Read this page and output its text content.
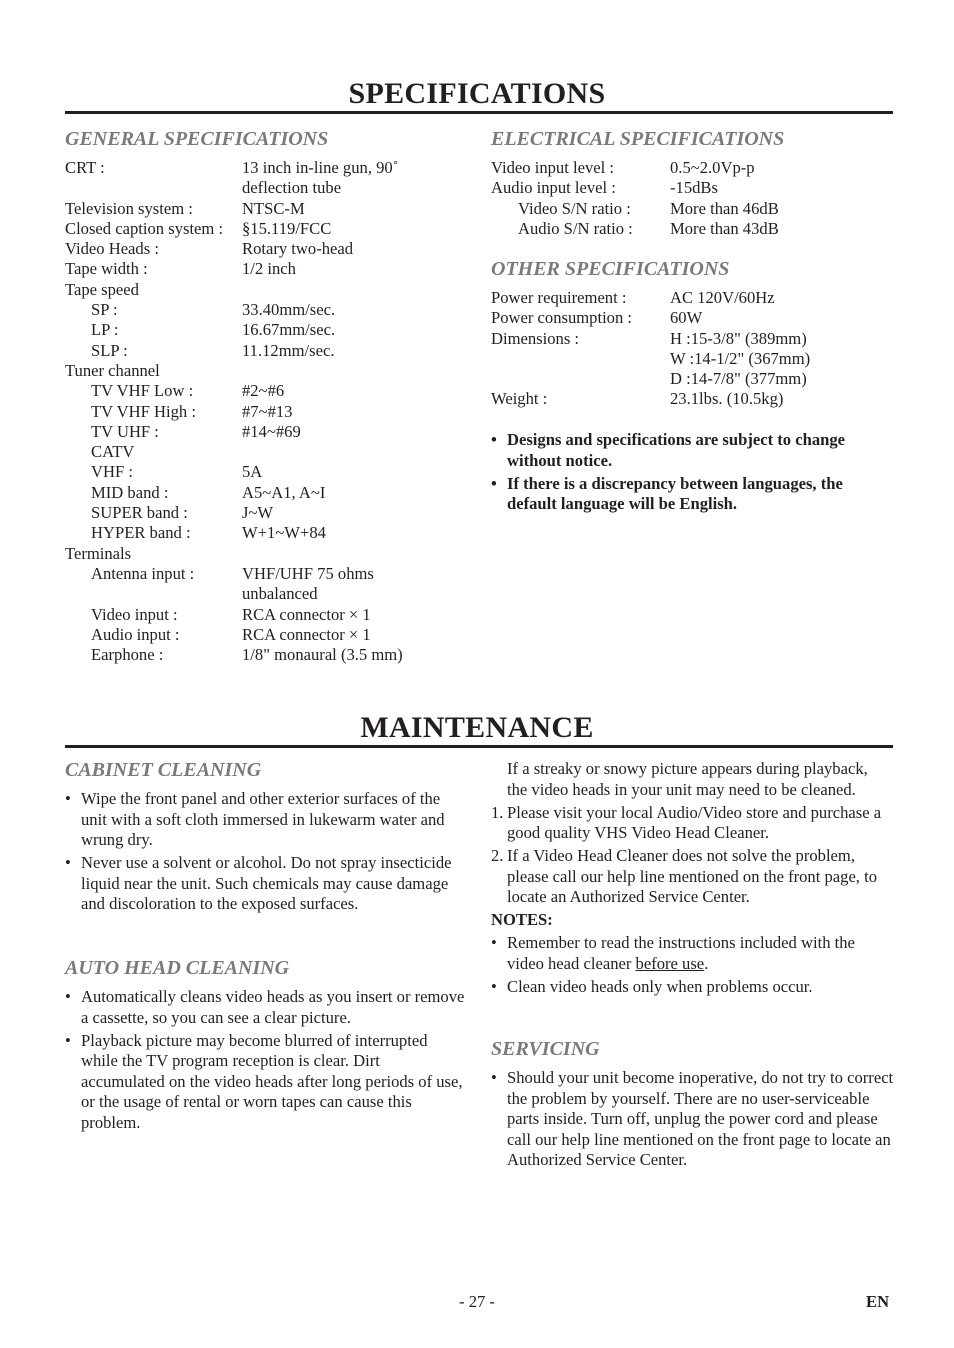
SPECIFICATIONS
GENERAL SPECIFICATIONS
CRT :	13 inch in-line gun, 90˚
deflection tube
Television system :	NTSC-M
Closed caption system : §15.119/FCC
Video Heads :	Rotary two-head
Tape width :	1/2 inch
Tape speed
SP :	33.40mm/sec.
LP :	16.67mm/sec.
SLP :	11.12mm/sec.
Tuner channel
TV VHF Low :	#2~#6
TV VHF High :	#7~#13
TV UHF :	#14~#69
CATV
VHF :	5A
MID band :	A5~A1, A~I
SUPER band :	J~W
HYPER band :	W+1~W+84
Terminals
Antenna input :	VHF/UHF 75 ohms
unbalanced
Video input :	RCA connector × 1
Audio input :	RCA connector × 1
Earphone :	1/8" monaural (3.5 mm)
ELECTRICAL SPECIFICATIONS
Video input level :	0.5~2.0Vp-p
Audio input level :	-15dBs
Video S/N ratio : More than 46dB
Audio S/N ratio : More than 43dB
OTHER SPECIFICATIONS
Power requirement :	AC 120V/60Hz
Power consumption : 60W
Dimensions :	H :15-3/8" (389mm)
W :14-1/2" (367mm)
D :14-7/8" (377mm)
Weight :	23.1lbs. (10.5kg)
• Designs and specifications are subject to change without notice.
• If there is a discrepancy between languages, the default language will be English.
MAINTENANCE
CABINET CLEANING
• Wipe the front panel and other exterior surfaces of the unit with a soft cloth immersed in lukewarm water and wrung dry.
• Never use a solvent or alcohol. Do not spray insecticide liquid near the unit. Such chemicals may cause damage and discoloration to the exposed surfaces.
AUTO HEAD CLEANING
• Automatically cleans video heads as you insert or remove a cassette, so you can see a clear picture.
• Playback picture may become blurred of interrupted while the TV program reception is clear. Dirt accumulated on the video heads after long periods of use, or the usage of rental or worn tapes can cause this problem.
If a streaky or snowy picture appears during playback, the video heads in your unit may need to be cleaned.
1. Please visit your local Audio/Video store and purchase a good quality VHS Video Head Cleaner.
2. If a Video Head Cleaner does not solve the problem, please call our help line mentioned on the front page, to locate an Authorized Service Center.
NOTES:
• Remember to read the instructions included with the video head cleaner before use.
• Clean video heads only when problems occur.
SERVICING
• Should your unit become inoperative, do not try to correct the problem by yourself. There are no user-serviceable parts inside. Turn off, unplug the power cord and please call our help line mentioned on the front page to locate an Authorized Service Center.
- 27 -	EN
